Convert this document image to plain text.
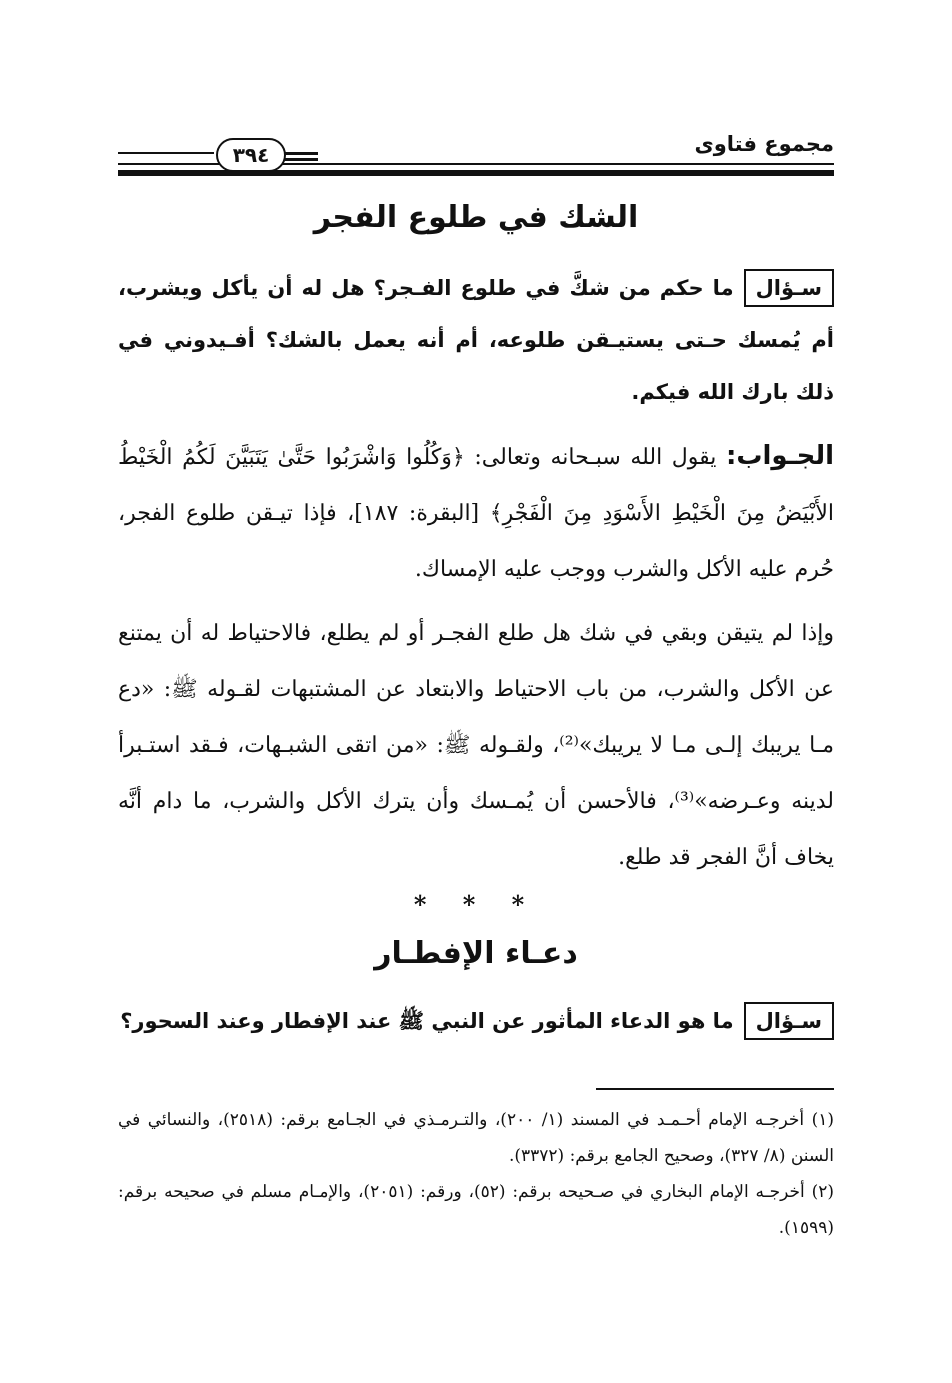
٣٩٤	مجموع فتاوى
الشك في طلوع الفجر
سـؤالما حكم من شكَّ في طلوع الفـجر؟ هل له أن يأكل ويشرب، أم يُمسك حـتى يستيـقن طلوعه، أم أنه يعمل بالشك؟ أفـيدوني في ذلك بارك الله فيكم.
الجـواب: يقول الله سبـحانه وتعالى: ﴿وَكُلُوا وَاشْرَبُوا حَتَّىٰ يَتَبَيَّنَ لَكُمُ الْخَيْطُ الأَبْيَضُ مِنَ الْخَيْطِ الأَسْوَدِ مِنَ الْفَجْرِ﴾ [البقرة: ١٨٧]، فإذا تيـقن طلوع الفجر، حُرم عليه الأكل والشرب ووجب عليه الإمساك.
وإذا لم يتيقن وبقي في شك هل طلع الفجـر أو لم يطلع، فالاحتياط له أن يمتنع عن الأكل والشرب، من باب الاحتياط والابتعاد عن المشتبهات لقـوله ﷺ: «دع مـا يريبك إلـى مـا لا يريبك»⁽²⁾، ولقـوله ﷺ: «من اتقى الشبـهات، فـقد استـبرأ لدينه وعـرضه»⁽³⁾، فالأحسن أن يُمـسك وأن يترك الأكل والشرب، ما دام أنَّه يخاف أنَّ الفجر قد طلع.
* * *
دعـاء الإفطـار
سـؤالما هو الدعاء المأثور عن النبي ﷺ عند الإفطار وعند السحور؟

(١) أخرجـه الإمام أحـمـد في المسند (١/ ٢٠٠)، والتـرمـذي في الجـامع برقم: (٢٥١٨)، والنسائي في السنن (٨/ ٣٢٧)، وصحيح الجامع برقم: (٣٣٧٢).

(٢) أخرجـه الإمام البخاري في صـحيحه برقم: (٥٢)، ورقم: (٢٠٥١)، والإمـام مسلم في صحيحه برقم: (١٥٩٩).
